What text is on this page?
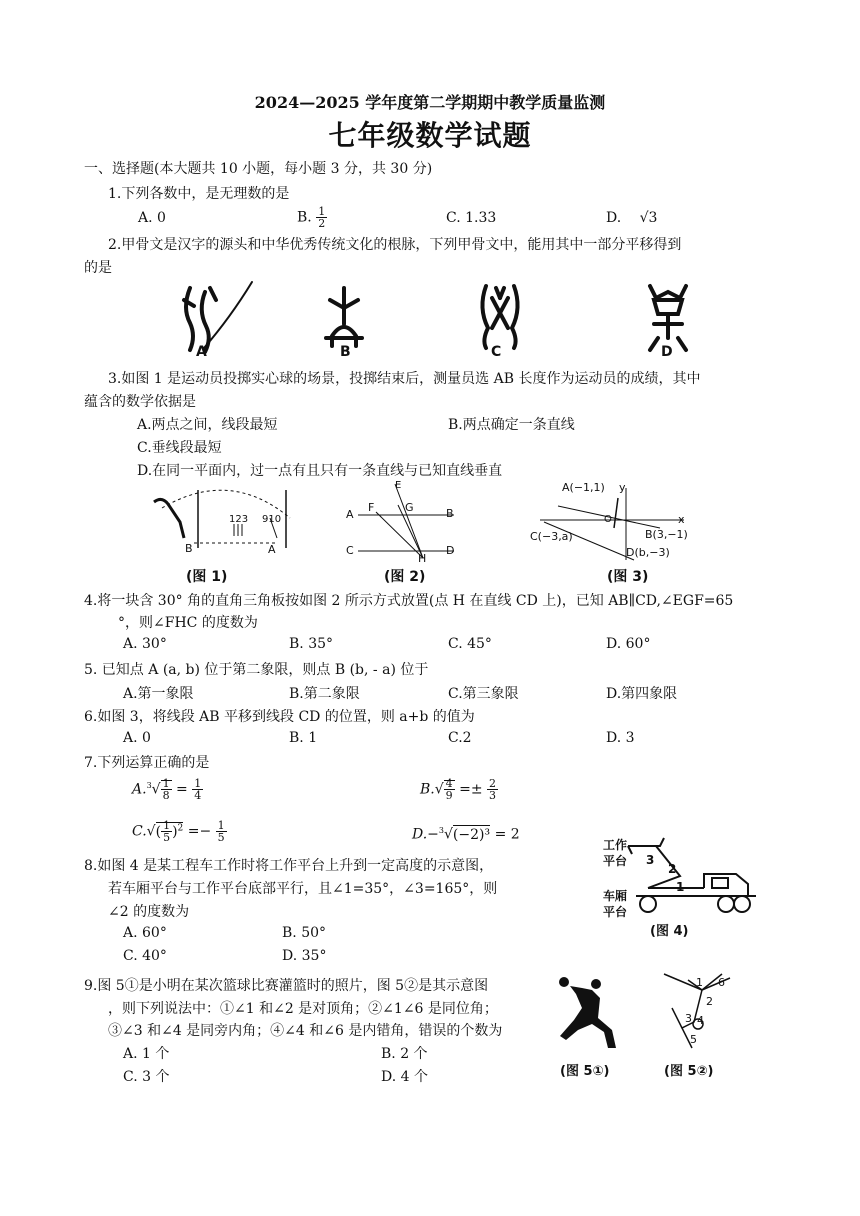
2024—2025 学年度第二学期期中教学质量监测
七年级数学试题
一、选择题(本大题共 10 小题，每小题 3 分，共 30 分)
1.下列各数中，是无理数的是
A. 0	B. $\frac{1}{2}$	C. 1.33	D. √3
2.甲骨文是汉字的源头和中华优秀传统文化的根脉，下列甲骨文中，能用其中一部分平移得到
的是
A	B	C	D
3.如图 1 是运动员投掷实心球的场景，投掷结束后，测量员选 AB 长度作为运动员的成绩，其中
蕴含的数学依据是
A.两点之间，线段最短	B.两点确定一条直线
C.垂线段最短
D.在同一平面内，过一点有且只有一条直线与已知直线垂直
B	A
123 910
E
A
F	G	B
C
H
D
A(−1,1) y
x
O
B(3,−1)
C(−3,a)
D(b,−3)
(图 1)	(图 2)	(图 3)
4.将一块含 30° 角的直角三角板按如图 2 所示方式放置(点 H 在直线 CD 上)，已知 AB∥CD,∠EGF=65
°，则∠FHC 的度数为
A. 30°	B. 35°	C. 45°	D. 60°
5. 已知点 A (a, b) 位于第二象限，则点 B (b, - a) 位于
A.第一象限	B.第二象限	C.第三象限	D.第四象限
6.如图 3，将线段 AB 平移到线段 CD 的位置，则 a+b 的值为
A. 0	B. 1	C.2	D. 3
7.下列运算正确的是
$A.^3√ \frac{1}{8} = \frac{1}{4}$	$B.√ \frac{4}{9} =\pm \frac{2}{3}$
$C.√( \frac{1}{5} )^2 =- \frac{1}{5}$	D.−$^3$√(−2)³ = 2
8.如图 4 是某工程车工作时将工作平台上升到一定高度的示意图，
若车厢平台与工作平台底部平行，且∠1=35°，∠3=165°，则
∠2 的度数为
A. 60°	B. 50°
C. 40°	D. 35°
工作
平台
车厢
平台
3
2
1
(图 4)
9.图 5①是小明在某次篮球比赛灌篮时的照片，图 5②是其示意图
，则下列说法中：①∠1 和∠2 是对顶角；②∠1∠6 是同位角；
③∠3 和∠4 是同旁内角；④∠4 和∠6 是内错角，错误的个数为
A. 1 个	B. 2 个
C. 3 个	D. 4 个
1 6
2
3 4
5
(图 5①)	(图 5②)
